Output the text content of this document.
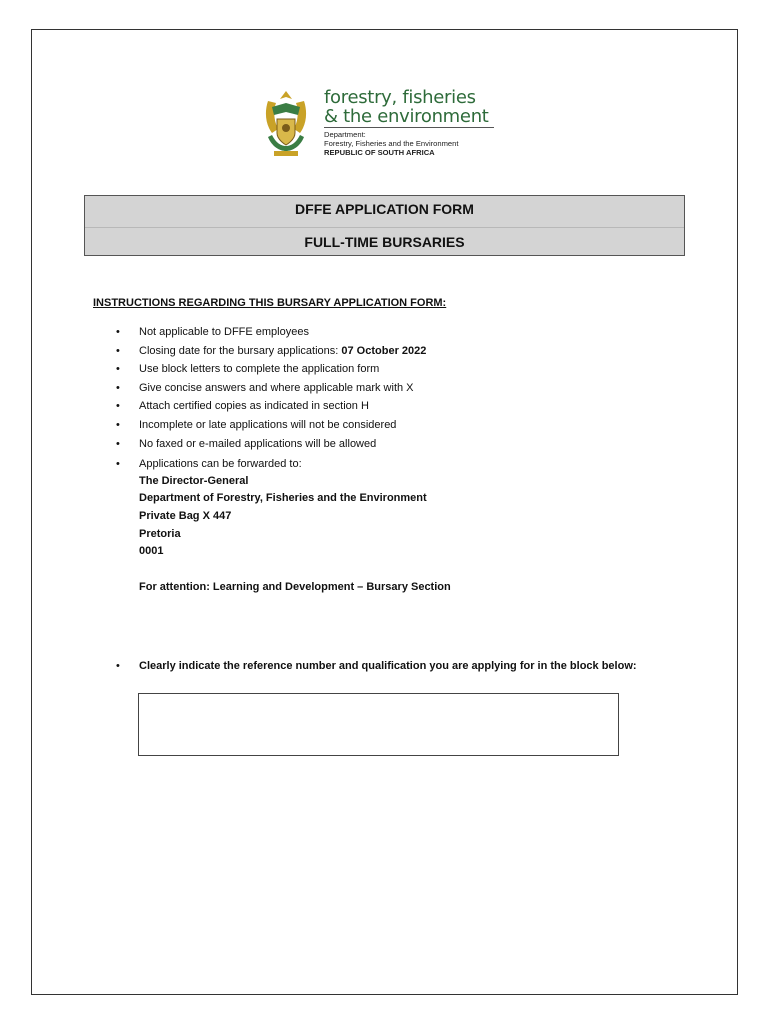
forestry, fisheries
& the environment
Department:
Forestry, Fisheries and the Environment
REPUBLIC OF SOUTH AFRICA
DFFE APPLICATION FORM
FULL-TIME BURSARIES
INSTRUCTIONS REGARDING THIS BURSARY APPLICATION FORM:
• Not applicable to DFFE employees
• Closing date for the bursary applications: 07 October 2022
• Use block letters to complete the application form
• Give concise answers and where applicable mark with X
• Attach certified copies as indicated in section H
• Incomplete or late applications will not be considered
• No faxed or e-mailed applications will be allowed
• Applications can be forwarded to:
The Director-General
Department of Forestry, Fisheries and the Environment
Private Bag X 447
Pretoria
0001
For attention: Learning and Development – Bursary Section
• Clearly indicate the reference number and qualification you are applying for in the block below:
